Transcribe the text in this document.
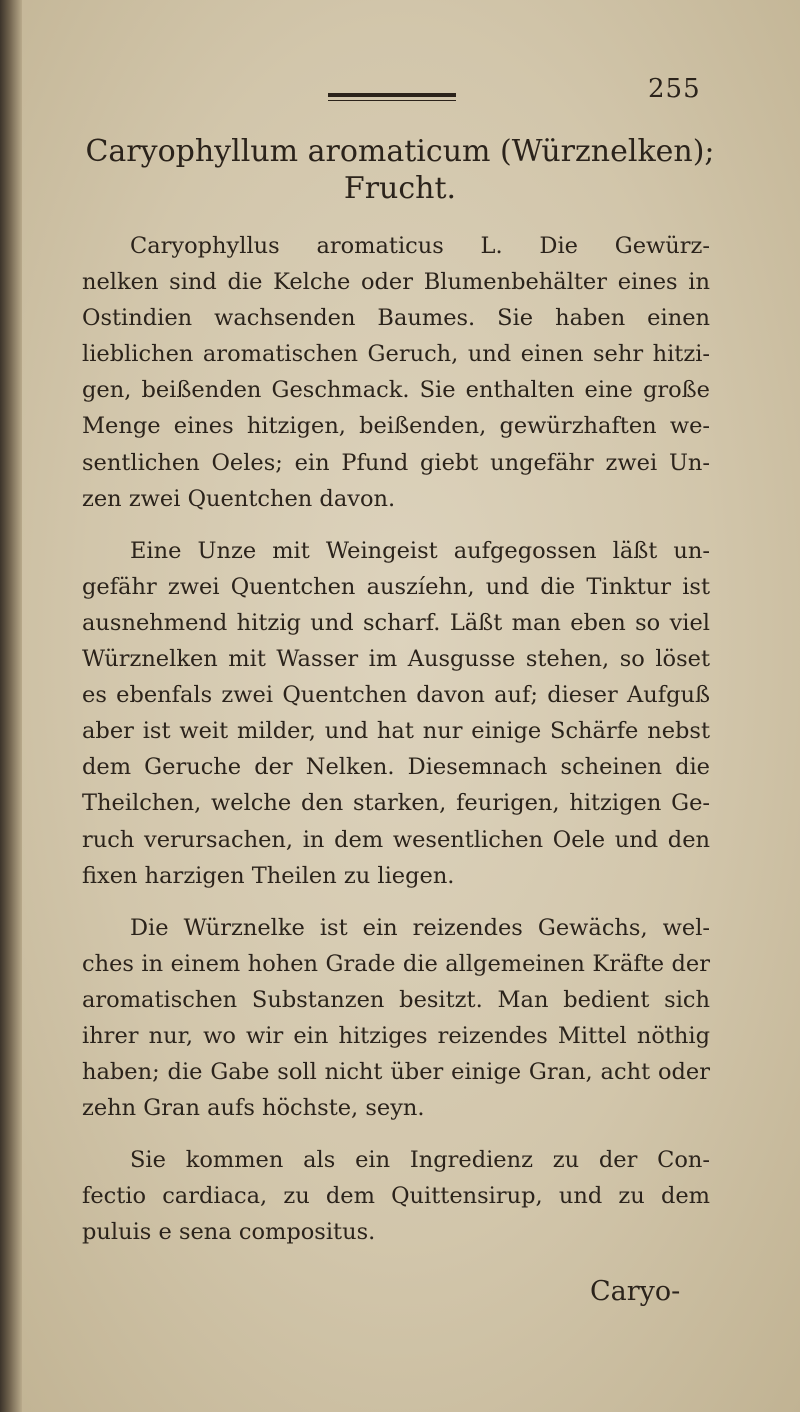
255
Caryophyllum aromaticum (Würznelken);
Frucht.
Caryophyllus aromaticus L. Die Gewürz-
nelken sind die Kelche oder Blumenbehälter eines in
Ostindien wachsenden Baumes. Sie haben einen
lieblichen aromatischen Geruch, und einen sehr hitzi-
gen, beißenden Geschmack. Sie enthalten eine große
Menge eines hitzigen, beißenden, gewürzhaften we-
sentlichen Oeles; ein Pfund giebt ungefähr zwei Un-
zen zwei Quentchen davon.
Eine Unze mit Weingeist aufgegossen läßt un-
gefähr zwei Quentchen auszíehn, und die Tinktur ist
ausnehmend hitzig und scharf. Läßt man eben so viel
Würznelken mit Wasser im Ausgusse stehen, so löset
es ebenfals zwei Quentchen davon auf; dieser Aufguß
aber ist weit milder, und hat nur einige Schärfe nebst
dem Geruche der Nelken. Diesemnach scheinen die
Theilchen, welche den starken, feurigen, hitzigen Ge-
ruch verursachen, in dem wesentlichen Oele und den
fixen harzigen Theilen zu liegen.
Die Würznelke ist ein reizendes Gewächs, wel-
ches in einem hohen Grade die allgemeinen Kräfte der
aromatischen Substanzen besitzt. Man bedient sich
ihrer nur, wo wir ein hitziges reizendes Mittel nöthig
haben; die Gabe soll nicht über einige Gran, acht oder
zehn Gran aufs höchste, seyn.
Sie kommen als ein Ingredienz zu der Con-
fectio cardiaca, zu dem Quittensirup, und zu dem
puluis e sena compositus.
Caryo-
